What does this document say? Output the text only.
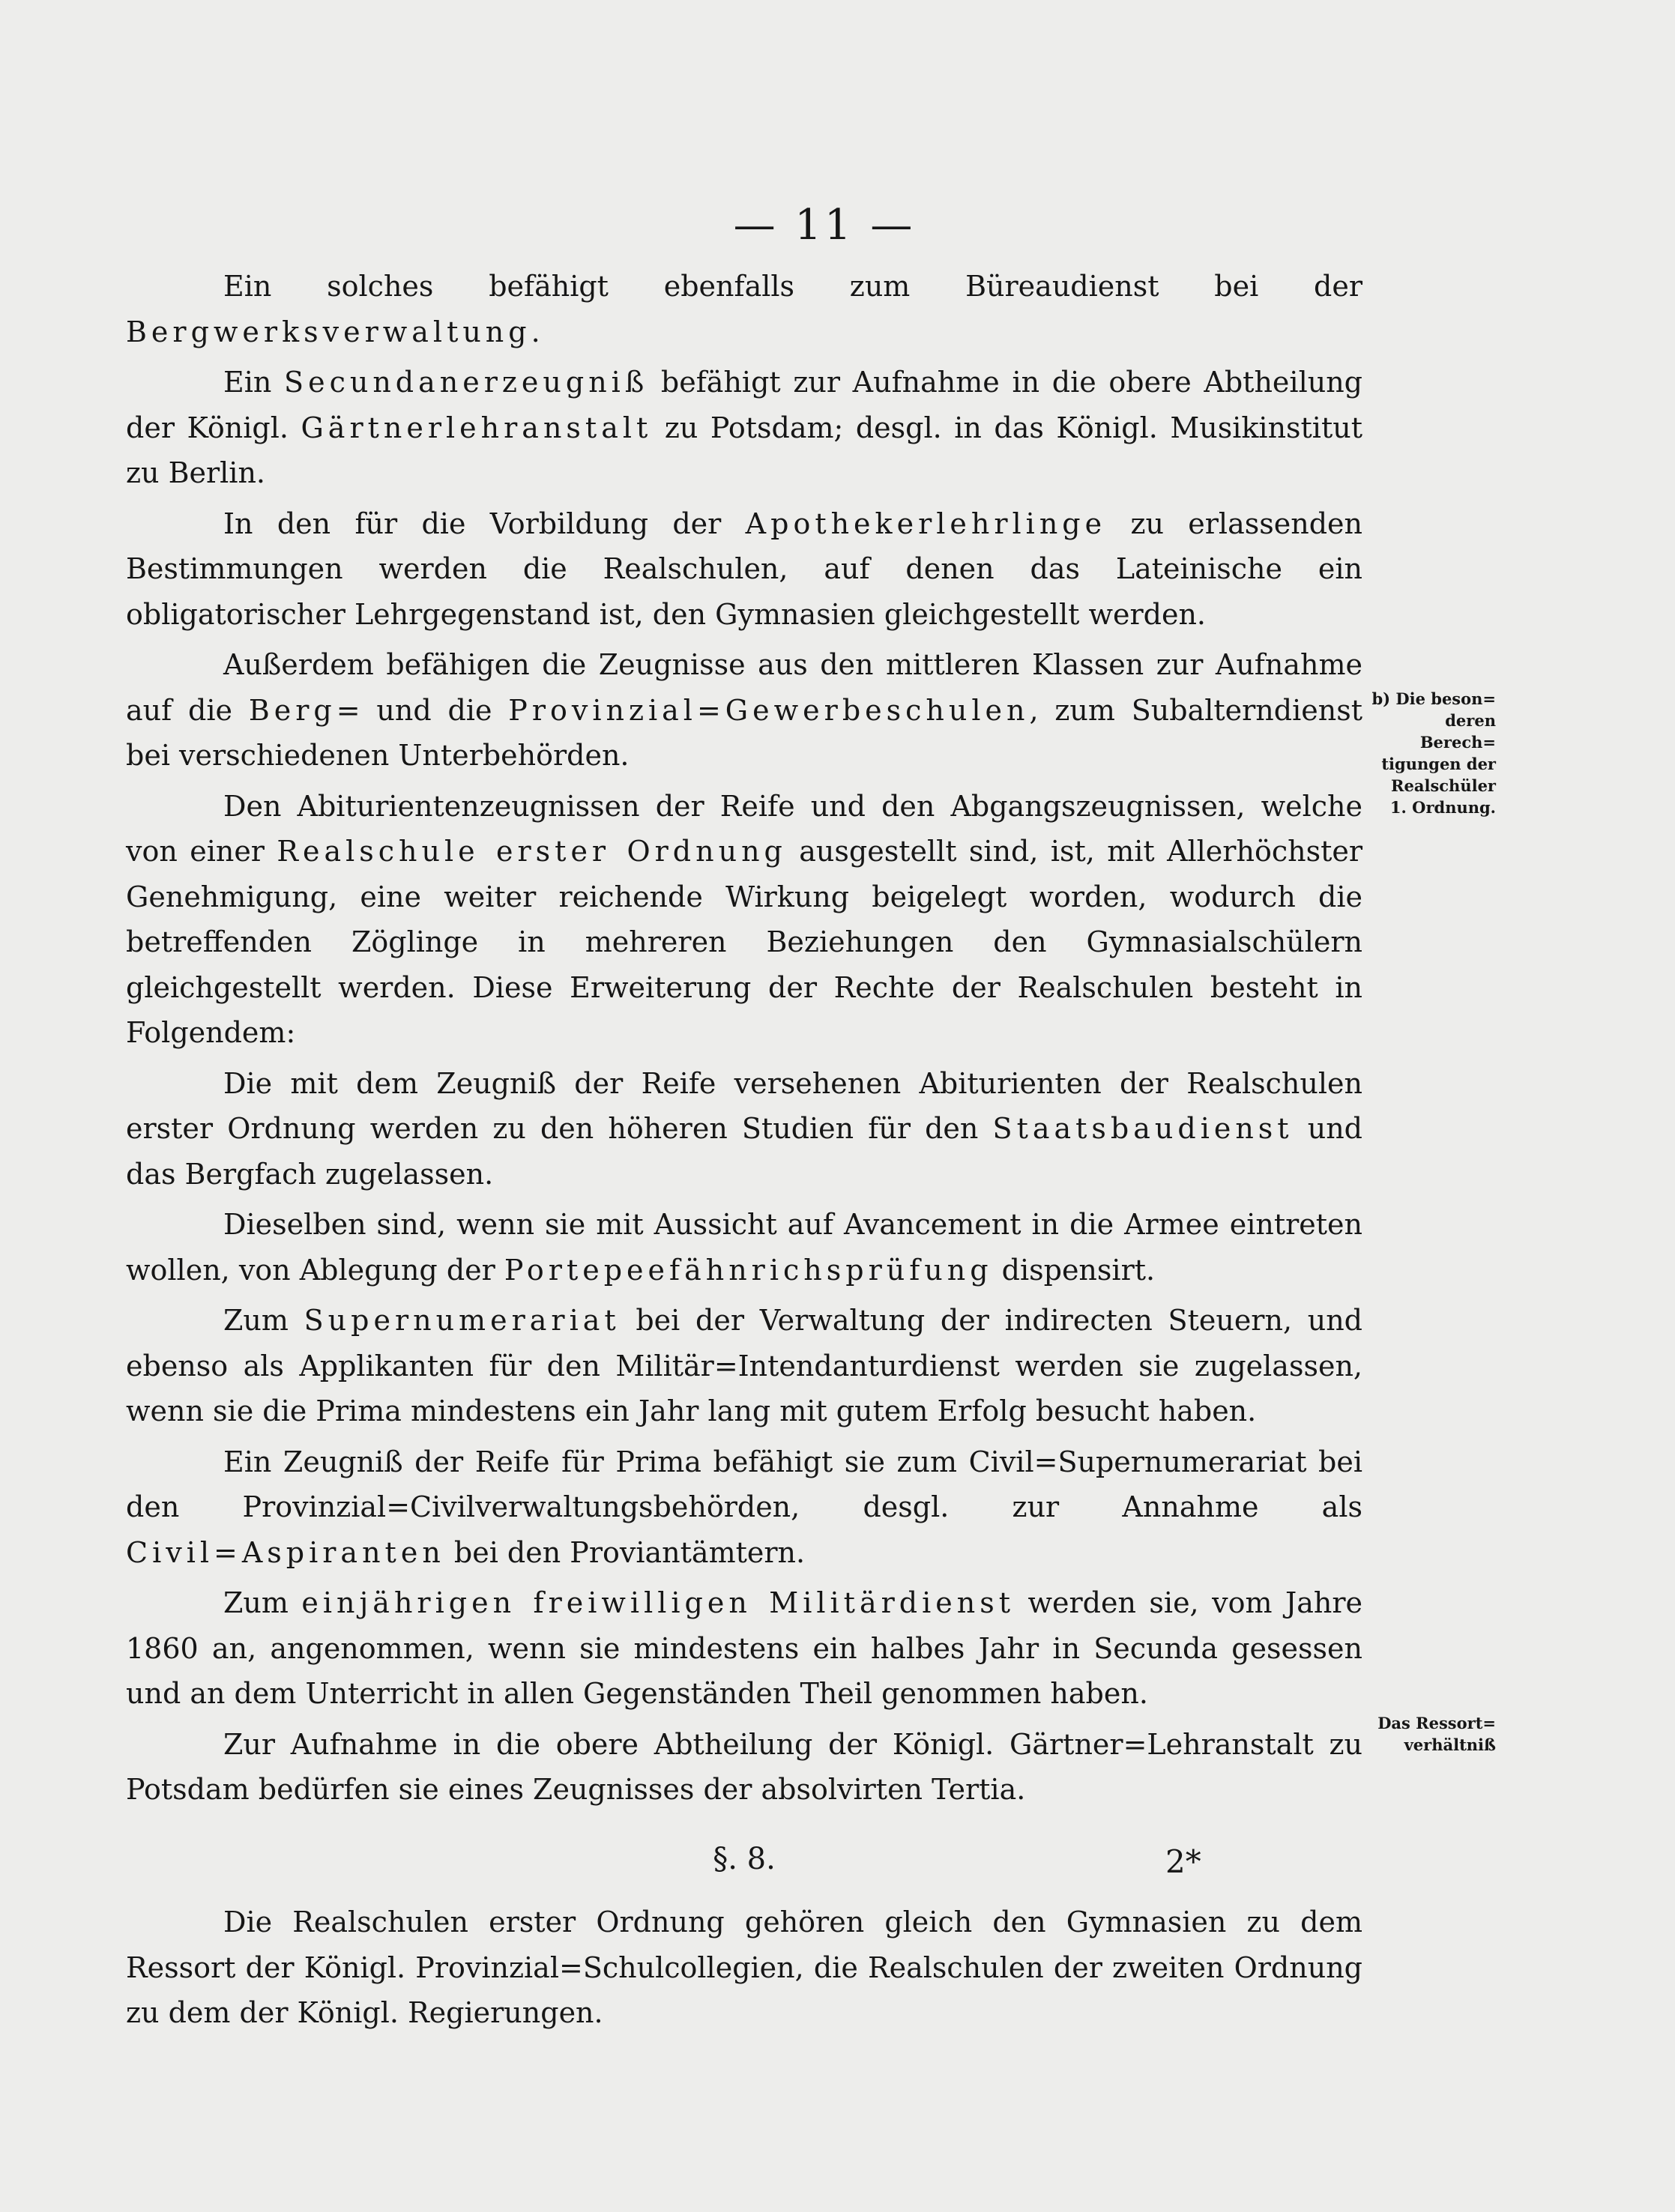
— 11 —

Ein solches befähigt ebenfalls zum Büreaudienst bei der Bergwerksverwaltung.

Ein Secundanerzeugniß befähigt zur Aufnahme in die obere Abtheilung der Königl. Gärtnerlehranstalt zu Potsdam; desgl. in das Königl. Musikinstitut zu Berlin.

In den für die Vorbildung der Apothekerlehrlinge zu erlassenden Bestimmungen werden die Realschulen, auf denen das Lateinische ein obligatorischer Lehrgegenstand ist, den Gymnasien gleichgestellt werden.

Außerdem befähigen die Zeugnisse aus den mittleren Klassen zur Aufnahme auf die Berg= und die Provinzial=Gewerbeschulen, zum Subalterndienst bei verschiedenen Unterbehörden.

Den Abiturientenzeugnissen der Reife und den Abgangszeugnissen, welche von einer Realschule erster Ordnung ausgestellt sind, ist, mit Allerhöchster Genehmigung, eine weiter reichende Wirkung beigelegt worden, wodurch die betreffenden Zöglinge in mehreren Beziehungen den Gymnasialschülern gleichgestellt werden. Diese Erweiterung der Rechte der Realschulen besteht in Folgendem:

Die mit dem Zeugniß der Reife versehenen Abiturienten der Realschulen erster Ordnung werden zu den höheren Studien für den Staatsbaudienst und das Bergfach zugelassen.

Dieselben sind, wenn sie mit Aussicht auf Avancement in die Armee eintreten wollen, von Ablegung der Portepeefähnrichsprüfung dispensirt.

Zum Supernumerariat bei der Verwaltung der indirecten Steuern, und ebenso als Applikanten für den Militär=Intendanturdienst werden sie zugelassen, wenn sie die Prima mindestens ein Jahr lang mit gutem Erfolg besucht haben.

Ein Zeugniß der Reife für Prima befähigt sie zum Civil=Supernumerariat bei den Provinzial=Civilverwaltungsbehörden, desgl. zur Annahme als Civil=Aspiranten bei den Proviantämtern.

Zum einjährigen freiwilligen Militärdienst werden sie, vom Jahre 1860 an, angenommen, wenn sie mindestens ein halbes Jahr in Secunda gesessen und an dem Unterricht in allen Gegenständen Theil genommen haben.

Zur Aufnahme in die obere Abtheilung der Königl. Gärtner=Lehranstalt zu Potsdam bedürfen sie eines Zeugnisses der absolvirten Tertia.

§. 8.

Die Realschulen erster Ordnung gehören gleich den Gymnasien zu dem Ressort der Königl. Provinzial=Schulcollegien, die Realschulen der zweiten Ordnung zu dem der Königl. Regierungen.

2*
b) Die beson=
deren Berech=
tigungen der
Realschüler
1. Ordnung.
Das Ressort=
verhältniß
